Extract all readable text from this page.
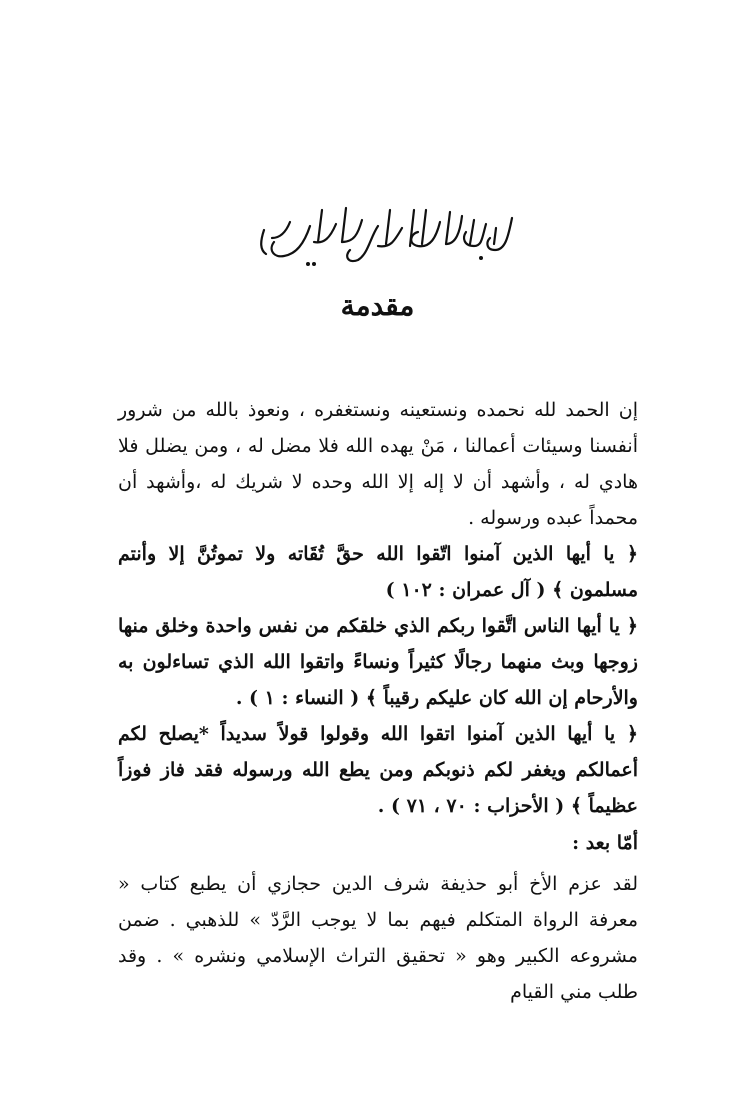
مقدمة

إن الحمد لله نحمده ونستعينه ونستغفره ، ونعوذ بالله من شرور أنفسنا وسيئات أعمالنا ، مَنْ يهده الله فلا مضل له ، ومن يضلل فلا هادي له ، وأشهد أن لا إله إلا الله وحده لا شريك له ،وأشهد أن محمداً عبده ورسوله .

﴿ يا أيها الذين آمنوا اتّقوا الله حقَّ تُقَاته ولا تموتُنَّ إلا وأنتم مسلمون ﴾ ( آل عمران : ١٠٢ )

﴿ يا أيها الناس اتَّقوا ربكم الذي خلقكم من نفس واحدة وخلق منها زوجها وبث منهما رجالًا كثيراً ونساءً واتقوا الله الذي تساءلون به والأرحام إن الله كان عليكم رقيباً ﴾ ( النساء : ١ ) .

﴿ يا أيها الذين آمنوا اتقوا الله وقولوا قولاً سديداً *يصلح لكم أعمالكم ويغفر لكم ذنوبكم ومن يطع الله ورسوله فقد فاز فوزاً عظيماً ﴾ ( الأحزاب : ٧٠ ، ٧١ ) .

أمّا بعد :

لقد عزم الأخ أبو حذيفة شرف الدين حجازي أن يطبع كتاب « معرفة الرواة المتكلم فيهم بما لا يوجب الرَّدّ » للذهبي . ضمن مشروعه الكبير وهو « تحقيق التراث الإسلامي ونشره » . وقد طلب مني القيام
